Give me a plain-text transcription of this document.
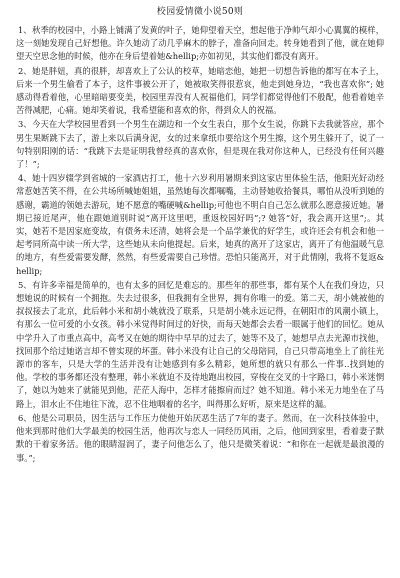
校园爱情微小说50则

1、秋季的校园中，小路上铺满了发黄的叶子，她仰望着天空，想起他于净帅气却小心翼翼的模样，这一刻她发现自己好想他。许久她动了动几乎麻木的脖子，准备向回走。转身她看到了他，就在她仰望天空思念他的时候，他亦在身后望着她&hellip;亦如初见，其实他们都没有离开。

2、她是胖妞，真的很胖，却喜欢上了公认的校草，她暗恋他，她把一切想告诉他的都写在本子上，后来一个男生偷看了本子，这件事被公开了，她被取笑得很惹哀，他走到她身边，“我也喜欢你”; 她感动得看着他，心里暗暗要变美，校园里弄没有人祝福他们，同学们都觉得他们不般配，他看着她辛苦得减肥，心痛。她却笑着说，我希望能和喜欢的你，得到众人的祝福。

3、今天在大学校园里看到一个男生在湖边和一个女生表白，那个女生说，你跳下去我就答应，那个男生果断跳下去了，游上来以后满身泥，女的过来拿纸巾要给这个男生擦，这个男生躲开了，说了一句特别阳刚的话：“我跳下去是证明我曾经真的喜欢你，但是现在我对你这种人，已经没有任何兴趣了！”;

4、她十四岁辍学到省城的一家酒店打工，他十六岁利用暑期来到这家店里体验生活，他阳光好动经常惹她苦笑不得，在公共场所喊她姐姐，虽然她每次都嘱嘴，主动替她收拾餐具，哪怕从没听到她的感谢，霸道的领她去游玩，她不愿意的嘴硬喊&hellip;可他也不明白自己怎么就那么愿意接近她。暑期已接近尾声，他在跟她道别时说“离开这里吧，重返校园好吗”;? 她答“好，我会离开这里”;。其实，她若不是因家庭变故，有债务未还清，她将会是一个品学兼优的好学生，或许还会有机会和他一起考同所高中读一所大学，这些她从未向他提起。后来，她真的离开了这家店，离开了有他温暖气息的地方，有些爱需要发酵，然然，有些爱需要自己珍惜。恐怕只能离开，对于此情刚，我将不复返&hellip;

5、有许多幸福是简单的，也有太多的回忆是难忘的。那些年的那些事，都有某个人在我们身边，只想她说的时候有一个拥抱。失去过很多，但我拥有全世界，拥有你唯一的爱。第二天，胡小姚被他的叔叔接去了北京，此后韩小米和胡小姚就没了联系，只是胡小姚永远记得，在朝阳市的风潮小镇上，有那么一位可爱的小女孩。韩小米觉得时间过的好快，而每天她都会去看一眼属于他们的回忆。她从中学升入了市重点高中，高考又在她的期待中早早的过去了，她等不及了，她想早点去光源市找他，找回那个给过她诺言却不曾实现的坏蛋。韩小米没有让自己的父母陪同，自己只带高地坐上了前往光源市的客车，只是大学的生活并没有让她感到有多么精彩，她所想的就只有那么一件事..找到她的他。学校的事务都还没有整理，韩小米就迫不及待地跑出校园，穿梭在交叉的十字路口，韩小米迷惘了，她以为她来了就能见到他，茫茫人海中，怎样才能擦肩而过？她不知道。韩小米无力地坐在了马路上，泪水止不住地往下流，忍不住地咽着的名字，叫得那么好听，原来是这样的漏。

6、他是公司职员，因生活与工作压力使他开始厌恶生活了7年的妻子。然而，在一次科技体验中，他来到那时他们大学最美的校园生活，他再次与恋人一同经历风雨，之后，他回到家里，看着妻子默默的干着家务活。他的眼睛湿润了，妻子问他怎么了，他只是微笑着说：“和你在一起就是最浪漫的事。”;
